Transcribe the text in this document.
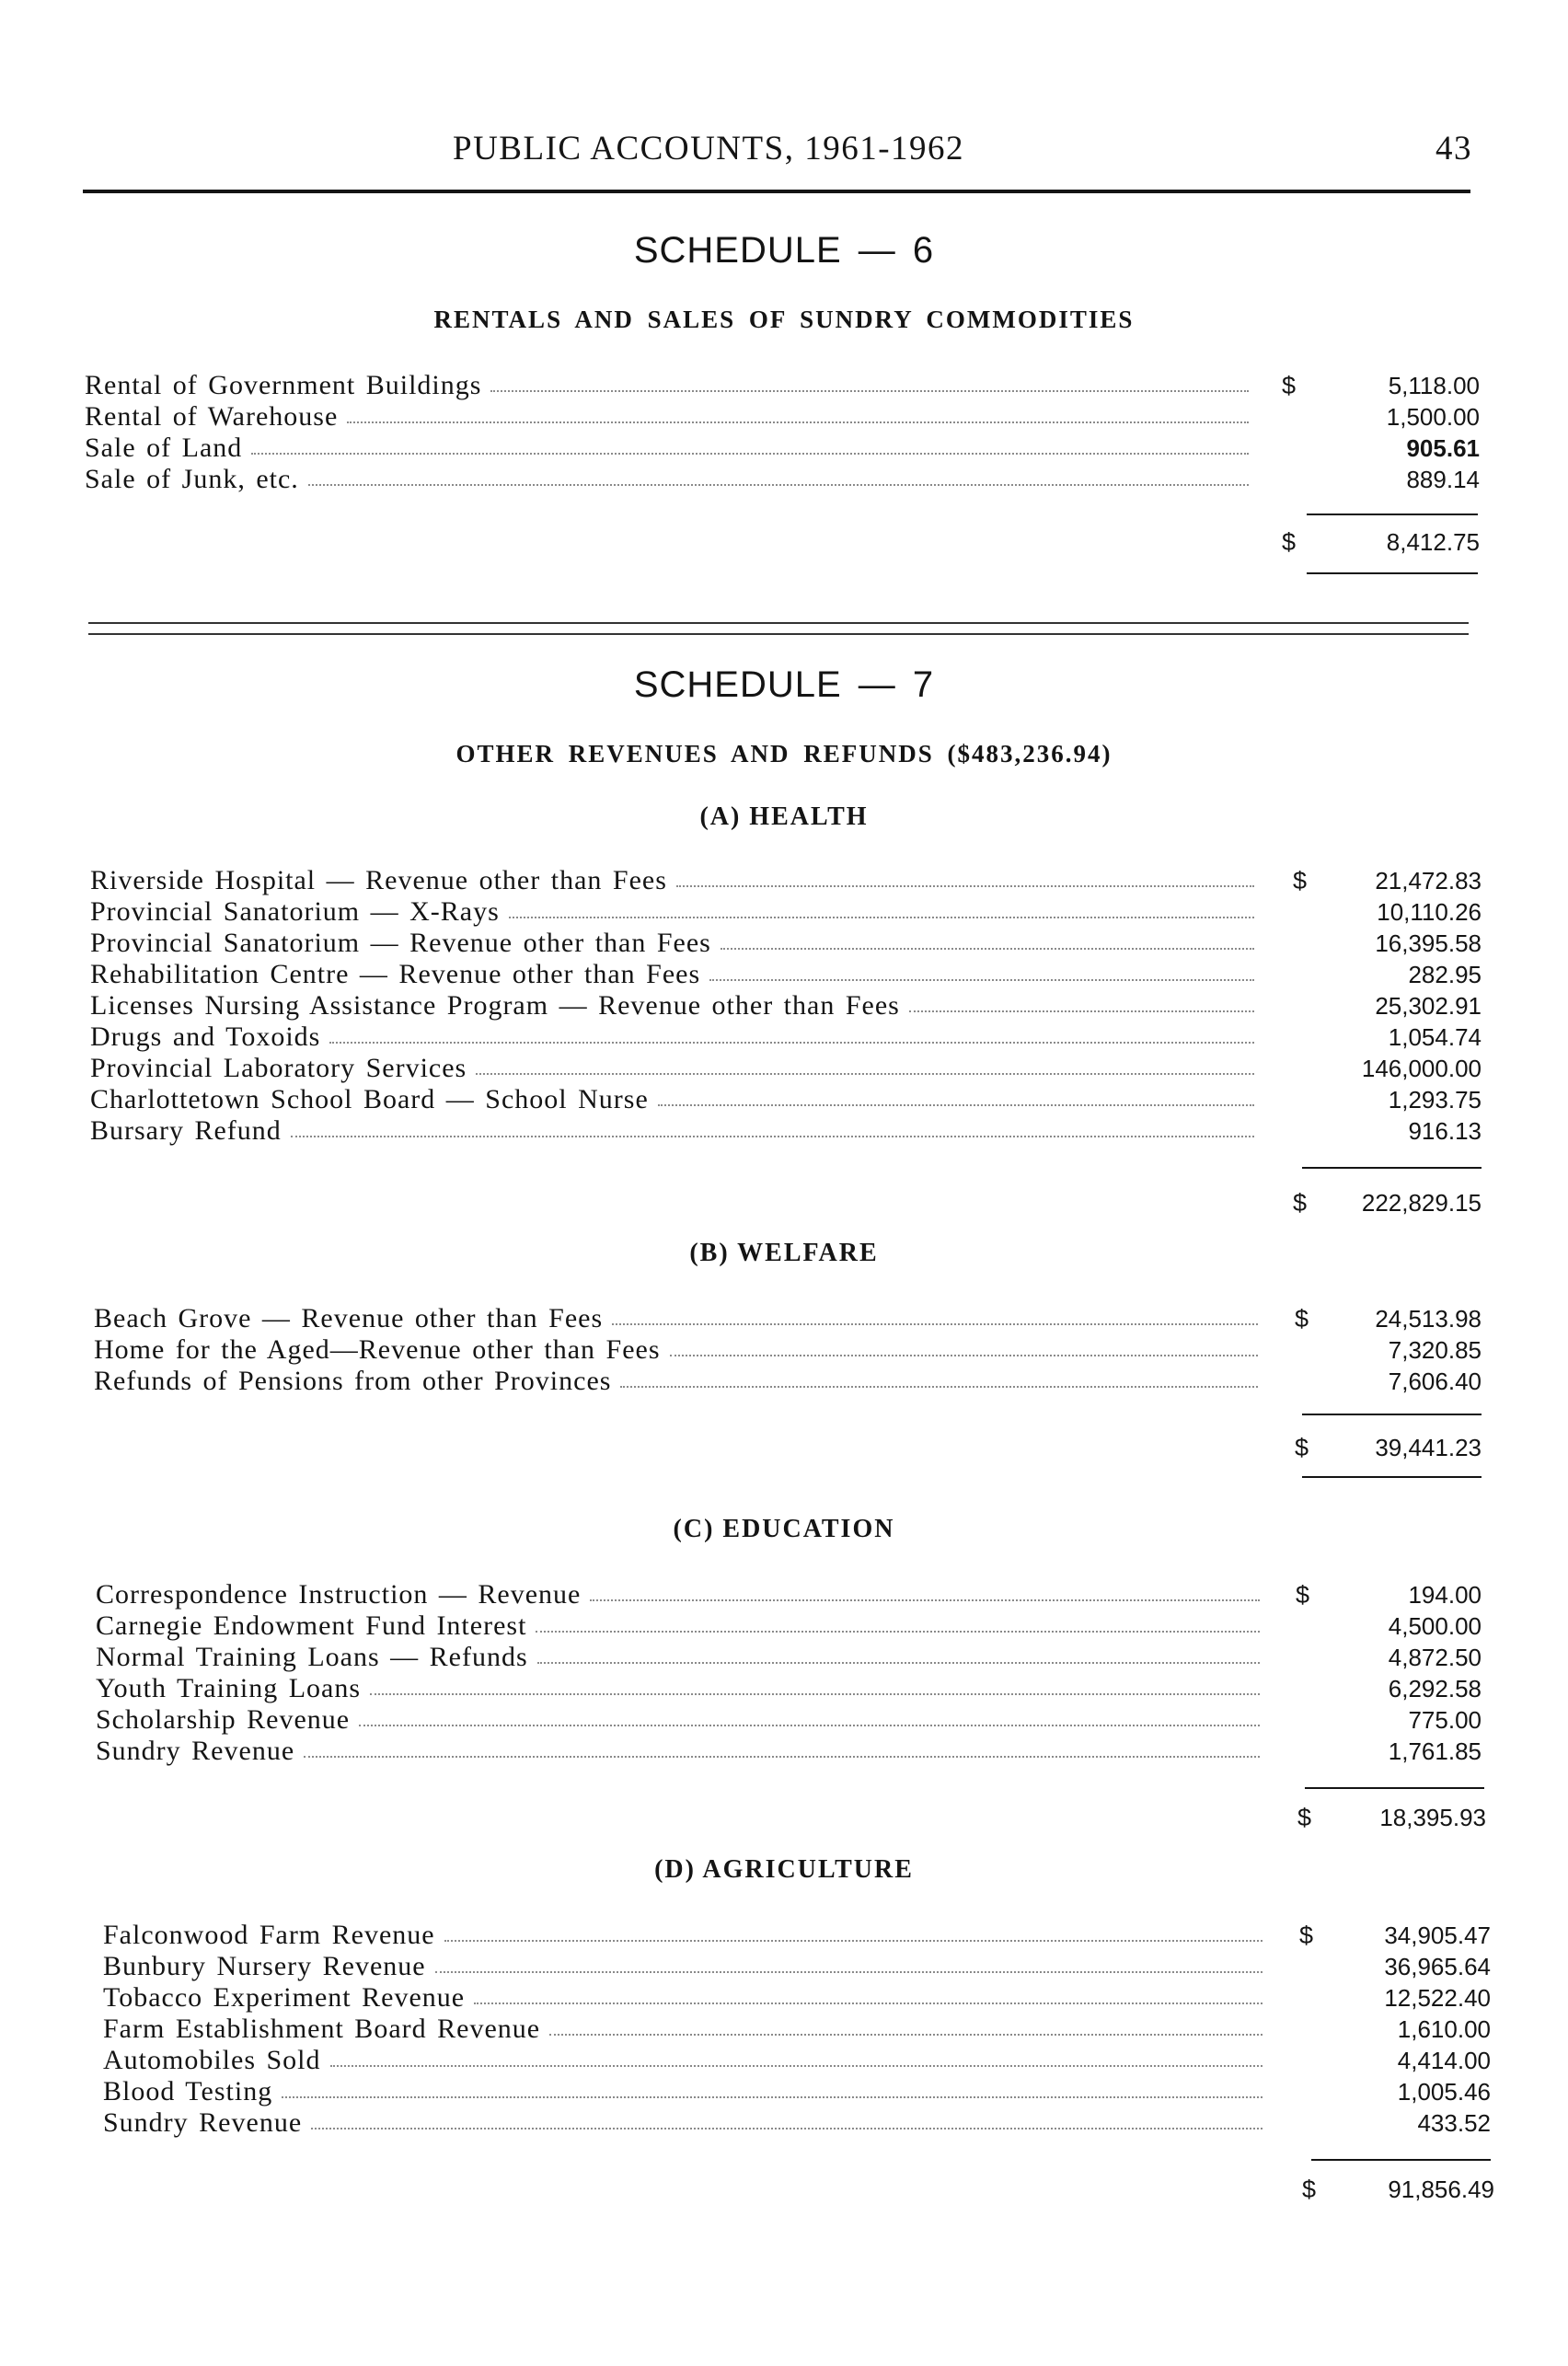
PUBLIC ACCOUNTS, 1961-1962	43
SCHEDULE — 6
RENTALS AND SALES OF SUNDRY COMMODITIES
Rental of Government Buildings	$	5,118.00
Rental of Warehouse	1,500.00
Sale of Land	905.61
Sale of Junk, etc.	889.14
$	8,412.75
SCHEDULE — 7
OTHER REVENUES AND REFUNDS ($483,236.94)
(A) HEALTH
Riverside Hospital — Revenue other than Fees	$	21,472.83
Provincial Sanatorium — X-Rays	10,110.26
Provincial Sanatorium — Revenue other than Fees	16,395.58
Rehabilitation Centre — Revenue other than Fees	282.95
Licenses Nursing Assistance Program — Revenue other than Fees	25,302.91
Drugs and Toxoids	1,054.74
Provincial Laboratory Services	146,000.00
Charlottetown School Board — School Nurse	1,293.75
Bursary Refund	916.13
$	222,829.15
(B) WELFARE
Beach Grove — Revenue other than Fees	$	24,513.98
Home for the Aged—Revenue other than Fees	7,320.85
Refunds of Pensions from other Provinces	7,606.40
$	39,441.23
(C) EDUCATION
Correspondence Instruction — Revenue	$	194.00
Carnegie Endowment Fund Interest	4,500.00
Normal Training Loans — Refunds	4,872.50
Youth Training Loans	6,292.58
Scholarship Revenue	775.00
Sundry Revenue	1,761.85
$	18,395.93
(D) AGRICULTURE
Falconwood Farm Revenue	$	34,905.47
Bunbury Nursery Revenue	36,965.64
Tobacco Experiment Revenue	12,522.40
Farm Establishment Board Revenue	1,610.00
Automobiles Sold	4,414.00
Blood Testing	1,005.46
Sundry Revenue	433.52
$	91,856.49
